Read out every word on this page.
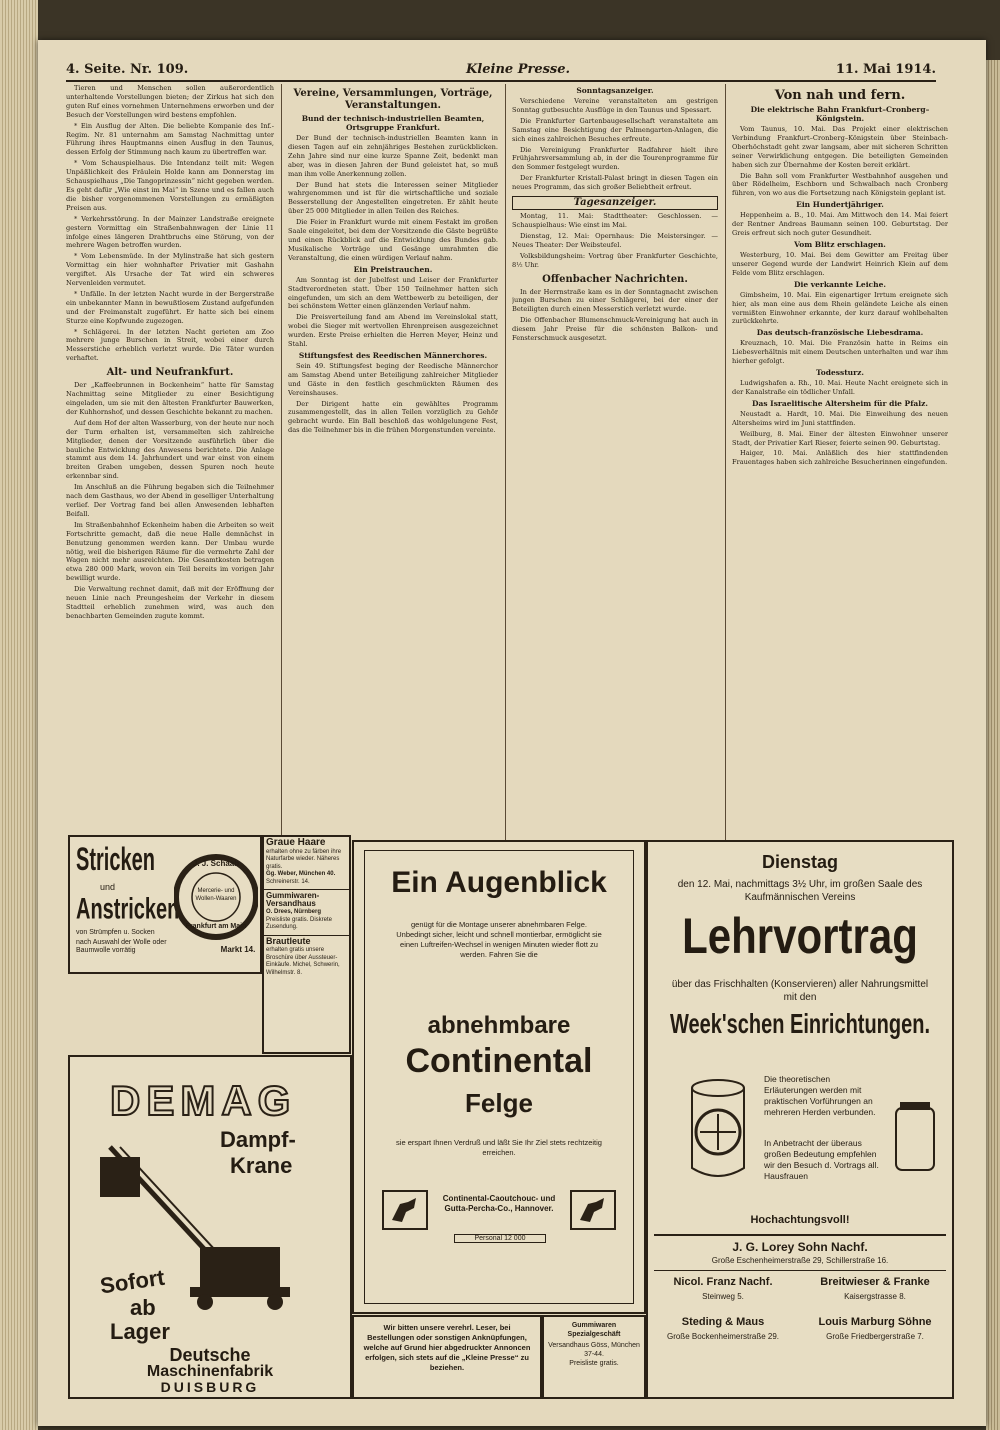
4. Seite. Nr. 109.	Kleine Presse.	11. Mai 1914.

Tieren und Menschen sollen außerordentlich unterhaltende Vorstellungen bieten; der Zirkus hat sich den guten Ruf eines vornehmen Unternehmens erworben und der Besuch der Vorstellungen wird bestens empfohlen.

* Ein Ausflug der Alten. Die beliebte Kompanie des Inf.-Regim. Nr. 81 unternahm am Samstag Nachmittag unter Führung ihres Hauptmanns einen Ausflug in den Taunus, dessen Erfolg der Stimmung nach kaum zu übertreffen war.

* Vom Schauspielhaus. Die Intendanz teilt mit: Wegen Unpäßlichkeit des Fräulein Holde kann am Donnerstag im Schauspielhaus „Die Tangoprinzessin“ nicht gegeben werden. Es geht dafür „Wie einst im Mai“ in Szene und es fallen auch die bisher vorgenommenen Vorstellungen zu ermäßigten Preisen aus.

* Verkehrsstörung. In der Mainzer Landstraße ereignete gestern Vormittag ein Straßenbahnwagen der Linie 11 infolge eines längeren Drahtbruchs eine Störung, von der mehrere Wagen betroffen wurden.

* Vom Lebensmüde. In der Mylinstraße hat sich gestern Vormittag ein hier wohnhafter Privatier mit Gashahn vergiftet. Als Ursache der Tat wird ein schweres Nervenleiden vermutet.

* Unfälle. In der letzten Nacht wurde in der Bergerstraße ein unbekannter Mann in bewußtlosem Zustand aufgefunden und der Freimanstalt zugeführt. Er hatte sich bei einem Sturze eine Kopfwunde zugezogen.

* Schlägerei. In der letzten Nacht gerieten am Zoo mehrere junge Burschen in Streit, wobei einer durch Messerstiche erheblich verletzt wurde. Die Täter wurden verhaftet.

Alt- und Neufrankfurt.

Der „Kaffeebrunnen in Bockenheim“ hatte für Samstag Nachmittag seine Mitglieder zu einer Besichtigung eingeladen, um sie mit den ältesten Frankfurter Bauwerken, der Kuhhornshof, und dessen Geschichte bekannt zu machen.

Auf dem Hof der alten Wasserburg, von der heute nur noch der Turm erhalten ist, versammelten sich zahlreiche Mitglieder, denen der Vorsitzende ausführlich über die bauliche Entwicklung des Anwesens berichtete. Die Anlage stammt aus dem 14. Jahrhundert und war einst von einem breiten Graben umgeben, dessen Spuren noch heute erkennbar sind.

Im Anschluß an die Führung begaben sich die Teilnehmer nach dem Gasthaus, wo der Abend in geselliger Unterhaltung verlief. Der Vortrag fand bei allen Anwesenden lebhaften Beifall.

Im Straßenbahnhof Eckenheim haben die Arbeiten so weit Fortschritte gemacht, daß die neue Halle demnächst in Benutzung genommen werden kann. Der Umbau wurde nötig, weil die bisherigen Räume für die vermehrte Zahl der Wagen nicht mehr ausreichten. Die Gesamtkosten betragen etwa 280 000 Mark, wovon ein Teil bereits im vorigen Jahr bewilligt wurde.

Die Verwaltung rechnet damit, daß mit der Eröffnung der neuen Linie nach Preungesheim der Verkehr in diesem Stadtteil erheblich zunehmen wird, was auch den benachbarten Gemeinden zugute kommt.

Vereine, Versammlungen, Vorträge, Veranstaltungen.
Bund der technisch-industriellen Beamten, Ortsgruppe Frankfurt.

Der Bund der technisch-industriellen Beamten kann in diesen Tagen auf ein zehnjähriges Bestehen zurückblicken. Zehn Jahre sind nur eine kurze Spanne Zeit, bedenkt man aber, was in diesen Jahren der Bund geleistet hat, so muß man ihm volle Anerkennung zollen.

Der Bund hat stets die Interessen seiner Mitglieder wahrgenommen und ist für die wirtschaftliche und soziale Besserstellung der Angestellten eingetreten. Er zählt heute über 25 000 Mitglieder in allen Teilen des Reiches.

Die Feier in Frankfurt wurde mit einem Festakt im großen Saale eingeleitet, bei dem der Vorsitzende die Gäste begrüßte und einen Rückblick auf die Entwicklung des Bundes gab. Musikalische Vorträge und Gesänge umrahmten die Veranstaltung, die einen würdigen Verlauf nahm.

Ein Preistrauchen.

Am Sonntag ist der Jubelfest und Leiser der Frankfurter Stadtverordneten statt. Über 150 Teilnehmer hatten sich eingefunden, um sich an dem Wettbewerb zu beteiligen, der bei schönstem Wetter einen glänzenden Verlauf nahm.

Die Preisverteilung fand am Abend im Vereinslokal statt, wobei die Sieger mit wertvollen Ehrenpreisen ausgezeichnet wurden. Erste Preise erhielten die Herren Meyer, Heinz und Stahl.

Stiftungsfest des Reedischen Männerchores.

Sein 49. Stiftungsfest beging der Reedische Männerchor am Samstag Abend unter Beteiligung zahlreicher Mitglieder und Gäste in den festlich geschmückten Räumen des Vereinshauses.

Der Dirigent hatte ein gewähltes Programm zusammengestellt, das in allen Teilen vorzüglich zu Gehör gebracht wurde. Ein Ball beschloß das wohlgelungene Fest, das die Teilnehmer bis in die frühen Morgenstunden vereinte.

Sonntagsanzeiger.

Verschiedene Vereine veranstalteten am gestrigen Sonntag gutbesuchte Ausflüge in den Taunus und Spessart.

Die Frankfurter Gartenbaugesellschaft veranstaltete am Samstag eine Besichtigung der Palmengarten-Anlagen, die sich eines zahlreichen Besuches erfreute.

Die Vereinigung Frankfurter Radfahrer hielt ihre Frühjahrsversammlung ab, in der die Tourenprogramme für den Sommer festgelegt wurden.

Der Frankfurter Kristall-Palast bringt in diesen Tagen ein neues Programm, das sich großer Beliebtheit erfreut.

Tagesanzeiger.

Montag, 11. Mai: Stadttheater: Geschlossen. — Schauspielhaus: Wie einst im Mai.

Dienstag, 12. Mai: Opernhaus: Die Meistersinger. — Neues Theater: Der Weibsteufel.

Volksbildungsheim: Vortrag über Frankfurter Geschichte, 8½ Uhr.

Offenbacher Nachrichten.

In der Herrnstraße kam es in der Sonntagnacht zwischen jungen Burschen zu einer Schlägerei, bei der einer der Beteiligten durch einen Messerstich verletzt wurde.

Die Offenbacher Blumenschmuck-Vereinigung hat auch in diesem Jahr Preise für die schönsten Balkon- und Fensterschmuck ausgesetzt.

Von nah und fern.
Die elektrische Bahn Frankfurt–Cronberg–Königstein.

Vom Taunus, 10. Mai. Das Projekt einer elektrischen Verbindung Frankfurt–Cronberg–Königstein über Steinbach-Oberhöchstadt geht zwar langsam, aber mit sicheren Schritten seiner Verwirklichung entgegen. Die beteiligten Gemeinden haben sich zur Übernahme der Kosten bereit erklärt.

Die Bahn soll vom Frankfurter Westbahnhof ausgehen und über Rödelheim, Eschborn und Schwalbach nach Cronberg führen, von wo aus die Fortsetzung nach Königstein geplant ist.

Ein Hundertjähriger.

Heppenheim a. B., 10. Mai. Am Mittwoch den 14. Mai feiert der Rentner Andreas Baumann seinen 100. Geburtstag. Der Greis erfreut sich noch guter Gesundheit.

Vom Blitz erschlagen.

Westerburg, 10. Mai. Bei dem Gewitter am Freitag über unserer Gegend wurde der Landwirt Heinrich Klein auf dem Felde vom Blitz erschlagen.

Die verkannte Leiche.

Gimbsheim, 10. Mai. Ein eigenartiger Irrtum ereignete sich hier, als man eine aus dem Rhein geländete Leiche als einen vermißten Einwohner erkannte, der kurz darauf wohlbehalten zurückkehrte.

Das deutsch-französische Liebesdrama.

Kreuznach, 10. Mai. Die Französin hatte in Reims ein Liebesverhältnis mit einem Deutschen unterhalten und war ihm hierher gefolgt.

Todessturz.

Ludwigshafen a. Rh., 10. Mai. Heute Nacht ereignete sich in der Kanalstraße ein tödlicher Unfall.

Das Israelitische Altersheim für die Pfalz.

Neustadt a. Hardt, 10. Mai. Die Einweihung des neuen Altersheims wird im Juni stattfinden.

Weilburg, 8. Mai. Einer der ältesten Einwohner unserer Stadt, der Privatier Karl Rieser, feierte seinen 90. Geburtstag.

Haiger, 10. Mai. Anläßlich des hier stattfindenden Frauentages haben sich zahlreiche Besucherinnen eingefunden.

Stricken
und
Anstricken
von Strümpfen u. Socken
nach Auswahl der Wolle oder Baumwolle vorrätig	Markt 14.
J. J. Schaab
Mercerie- und Wollen-Waaren
Frankfurt am Main
Graue Haare
erhalten ohne zu färben ihre Naturfarbe wieder. Näheres gratis.
Gg. Weber, München 40.
Schreinerstr. 14.
Gummiwaren-Versandhaus
O. Drees, Nürnberg
Preisliste gratis. Diskrete Zusendung.
Brautleute
erhalten gratis unsere Broschüre über Aussteuer-Einkäufe. Michel, Schwerin, Wilhelmstr. 8.
DEMAG
Dampf-
Krane
Sofort
ab
Lager
Deutsche
Maschinenfabrik
DUISBURG
Ein Augenblick
genügt für die Montage unserer abnehmbaren Felge. Unbedingt sicher, leicht und schnell montierbar, ermöglicht sie einen Luftreifen-Wechsel in wenigen Minuten wieder flott zu werden. Fahren Sie die
abnehmbare
Continental
Felge
sie erspart Ihnen Verdruß und läßt Sie Ihr Ziel stets rechtzeitig erreichen.
Continental-Caoutchouc- und Gutta-Percha-Co., Hannover.
Personal 12 000
Wir bitten unsere verehrl. Leser, bei Bestellungen oder sonstigen Anknüpfungen, welche auf Grund hier abgedruckter Annoncen erfolgen, sich stets auf die „Kleine Presse“ zu beziehen.
Gummiwaren Spezialgeschäft
Versandhaus Göss, München 37-44.
Preisliste gratis.
Dienstag
den 12. Mai, nachmittags 3½ Uhr, im großen Saale des Kaufmännischen Vereins
Lehrvortrag
über das Frischhalten (Konservieren) aller Nahrungsmittel mit den
Week'schen Einrichtungen.
Die theoretischen Erläuterungen werden mit praktischen Vorführungen an mehreren Herden verbunden.
In Anbetracht der überaus großen Bedeutung empfehlen wir den Besuch d. Vortrags all. Hausfrauen
Hochachtungsvoll!
J. G. Lorey Sohn Nachf.
Große Eschenheimerstraße 29, Schillerstraße 16.
Nicol. Franz Nachf.
Steinweg 5.
Breitwieser & Franke
Kaisergstrasse 8.
Steding & Maus
Große Bockenheimerstraße 29.
Louis Marburg Söhne
Große Friedbergerstraße 7.
